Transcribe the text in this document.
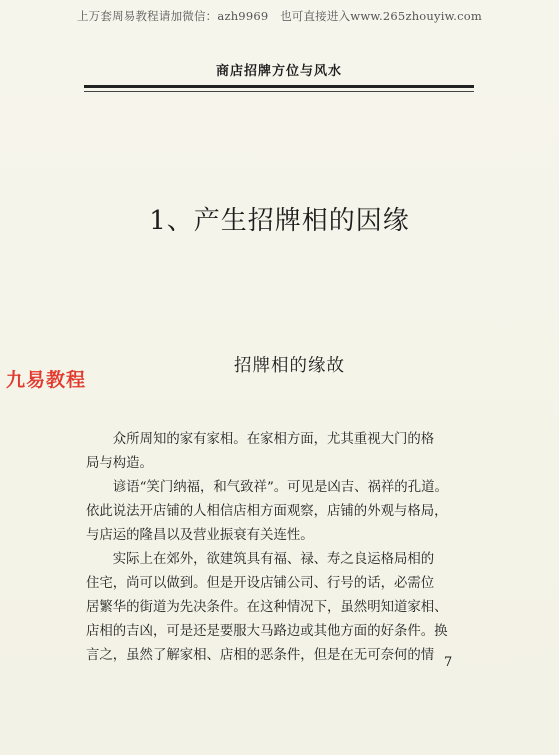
上万套周易教程请加微信：azh9969　也可直接进入www.265zhouyiw.com
商店招牌方位与风水
1、产生招牌相的因缘
九易教程
招牌相的缘故

众所周知的家有家相。在家相方面，尤其重视大门的格
局与构造。

谚语“笑门纳福，和气致祥”。可见是凶吉、祸祥的孔道。
依此说法开店铺的人相信店相方面观察，店铺的外观与格局，
与店运的隆昌以及营业振衰有关连性。

实际上在郊外，欲建筑具有福、禄、寿之良运格局相的
住宅，尚可以做到。但是开设店铺公司、行号的话，必需位
居繁华的街道为先决条件。在这种情况下，虽然明知道家相、
店相的吉凶，可是还是要服大马路边或其他方面的好条件。换
言之，虽然了解家相、店相的恶条件，但是在无可奈何的情 7
